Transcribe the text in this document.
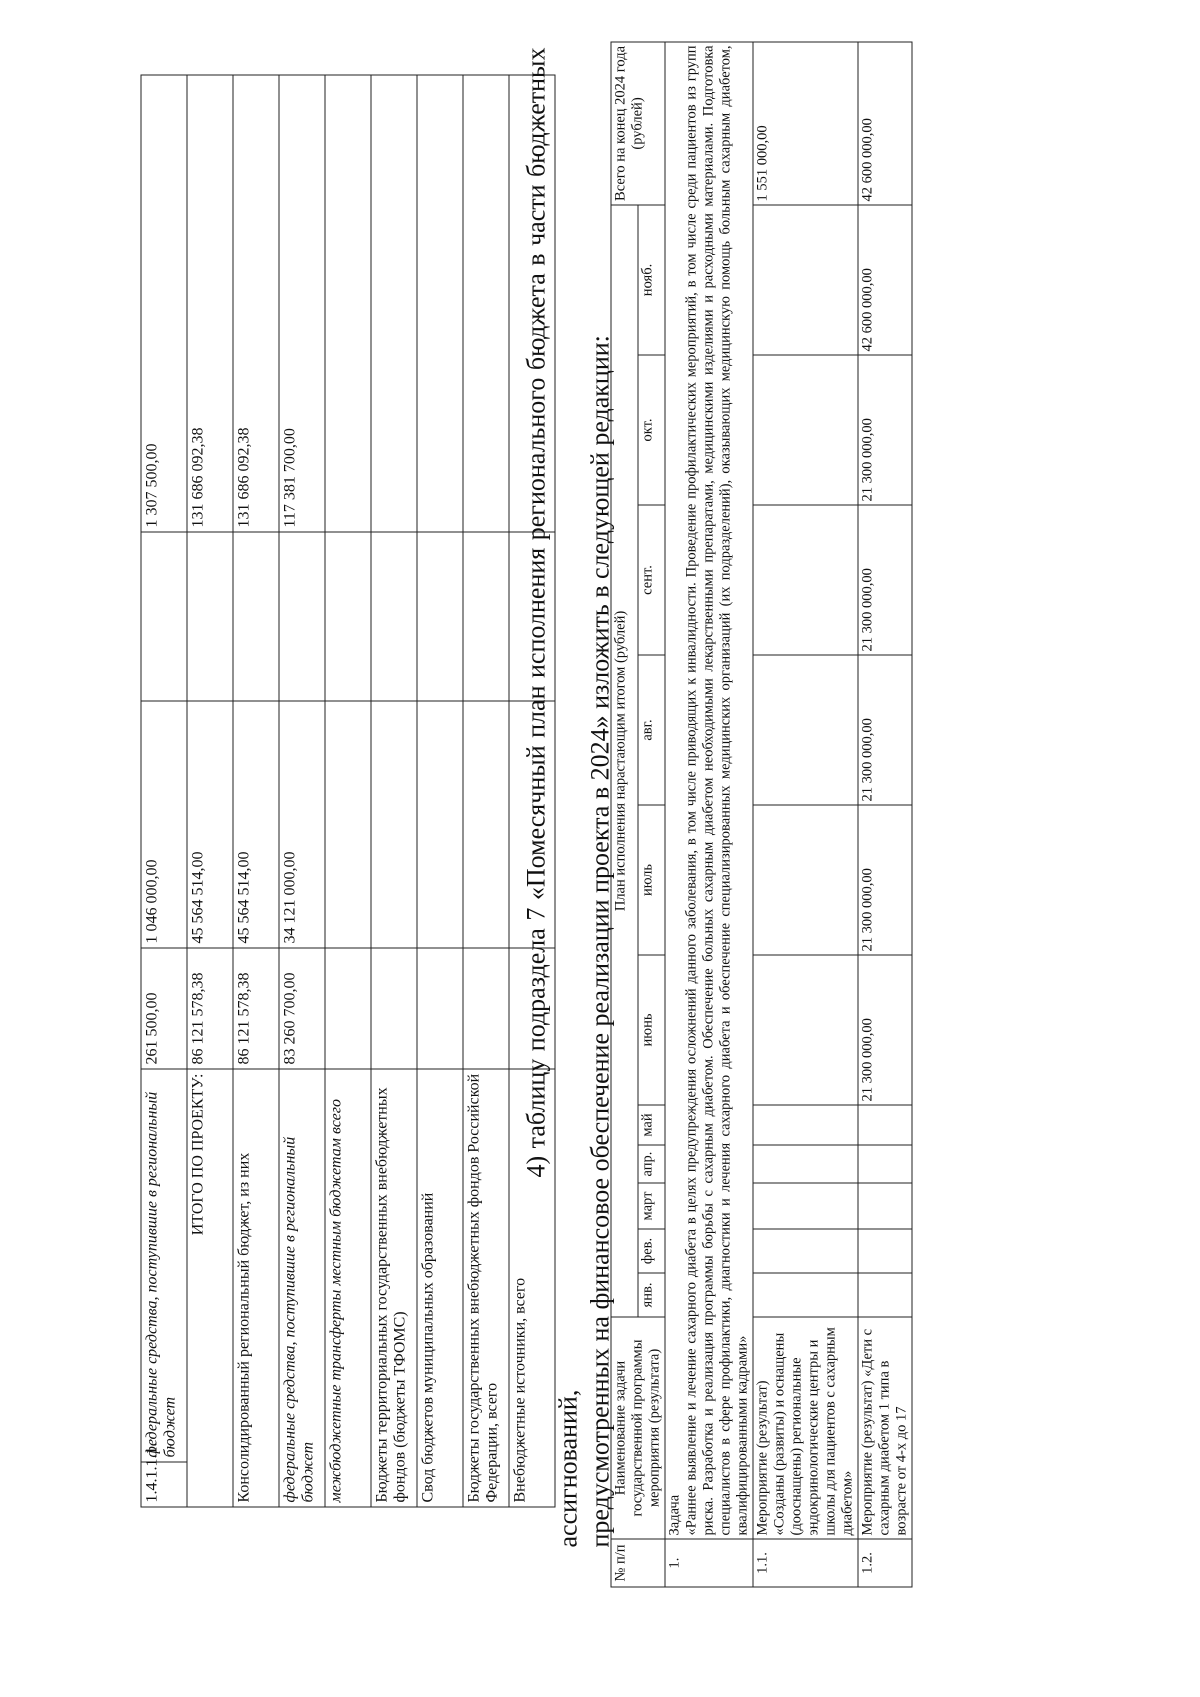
1.4.1.1.1.	федеральные средства, поступившие в региональный бюджет	261 500,00	1 046 000,00		1 307 500,00
ИТОГО ПО ПРОЕКТУ:		86 121 578,38	45 564 514,00		131 686 092,38
Консолидированный региональный бюджет, из них		86 121 578,38	45 564 514,00		131 686 092,38
федеральные средства, поступившие в региональный бюджет		83 260 700,00	34 121 000,00		117 381 700,00
межбюджетные трансферты местным бюджетам всего					
Бюджеты территориальных государственных внебюджетных фондов (бюджеты ТФОМС)					
Свод бюджетов муниципальных образований					
Бюджеты государственных внебюджетных фондов Российской Федерации, всего					
Внебюджетные источники, всего					
4) таблицу подраздела 7 «Помесячный план исполнения регионального бюджета в части бюджетных ассигнований, предусмотренных на финансовое обеспечение реализации проекта в 2024» изложить в следующей редакции:
№ п/п	Наименование задачи государственной программы мероприятия (результата)	План исполнения нарастающим итогом (рублей)											Всего на конец 2024 года (рублей)
		янв.	фев.	март	апр.	май	июнь	июль	авг.	сент.	окт.	нояб.	
1.	Задача «Раннее выявление и лечение сахарного диабета в целях предупреждения осложнений данного заболевания, в том числе приводящих к инвалидности. Проведение профилактических мероприятий, в том числе среди пациентов из групп риска. Разработка и реализация программы борьбы с сахарным диабетом. Обеспечение больных сахарным диабетом необходимыми лекарственными препаратами, медицинскими изделиями и расходными материалами. Подготовка специалистов в сфере профилактики, диагностики и лечения сахарного диабета и обеспечение специализированных медицинских организаций (их подразделений), оказывающих медицинскую помощь больным сахарным диабетом, квалифицированными кадрами»												

1.1.	Мероприятие (результат) «Созданы (развиты) и оснащены (дооснащены) региональные эндокринологические центры и школы для пациентов с сахарным диабетом»												1 551 000,00
1.2.	Мероприятие (результат) «Дети с сахарным диабетом 1 типа в возрасте от 4-х до 17						21 300 000,00	21 300 000,00	21 300 000,00	21 300 000,00	21 300 000,00	42 600 000,00	42 600 000,00
